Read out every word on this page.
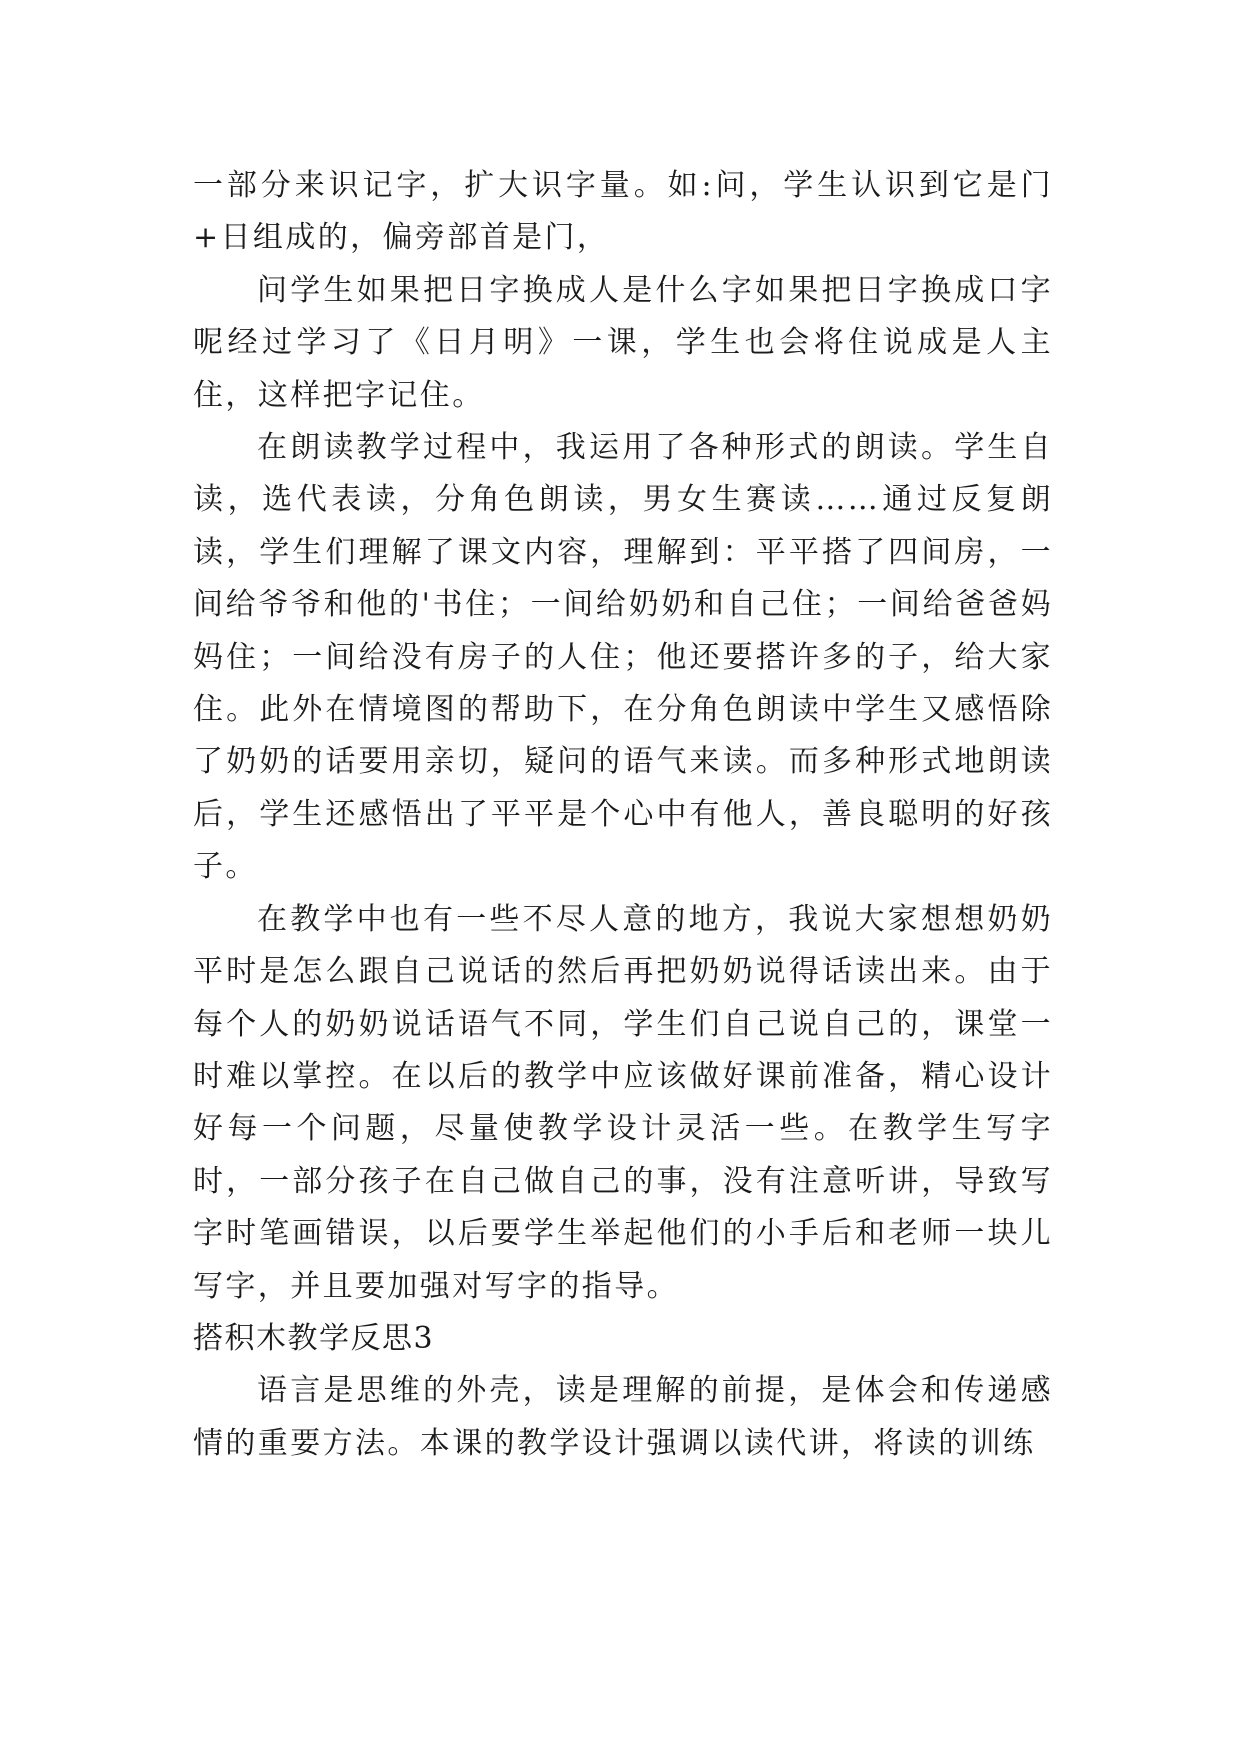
一部分来识记字，扩大识字量。如:问，学生认识到它是门+日组成的，偏旁部首是门，

问学生如果把日字换成人是什么字如果把日字换成口字呢经过学习了《日月明》一课，学生也会将住说成是人主住，这样把字记住。

在朗读教学过程中，我运用了各种形式的朗读。学生自读，选代表读，分角色朗读，男女生赛读……通过反复朗读，学生们理解了课文内容，理解到：平平搭了四间房，一间给爷爷和他的'书住；一间给奶奶和自己住；一间给爸爸妈妈住；一间给没有房子的人住；他还要搭许多的子，给大家住。此外在情境图的帮助下，在分角色朗读中学生又感悟除了奶奶的话要用亲切，疑问的语气来读。而多种形式地朗读后，学生还感悟出了平平是个心中有他人，善良聪明的好孩子。

在教学中也有一些不尽人意的地方，我说大家想想奶奶平时是怎么跟自己说话的然后再把奶奶说得话读出来。由于每个人的奶奶说话语气不同，学生们自己说自己的，课堂一时难以掌控。在以后的教学中应该做好课前准备，精心设计好每一个问题，尽量使教学设计灵活一些。在教学生写字时，一部分孩子在自己做自己的事，没有注意听讲，导致写字时笔画错误，以后要学生举起他们的小手后和老师一块儿写字，并且要加强对写字的指导。

搭积木教学反思3

语言是思维的外壳，读是理解的前提，是体会和传递感情的重要方法。本课的教学设计强调以读代讲，将读的训练
